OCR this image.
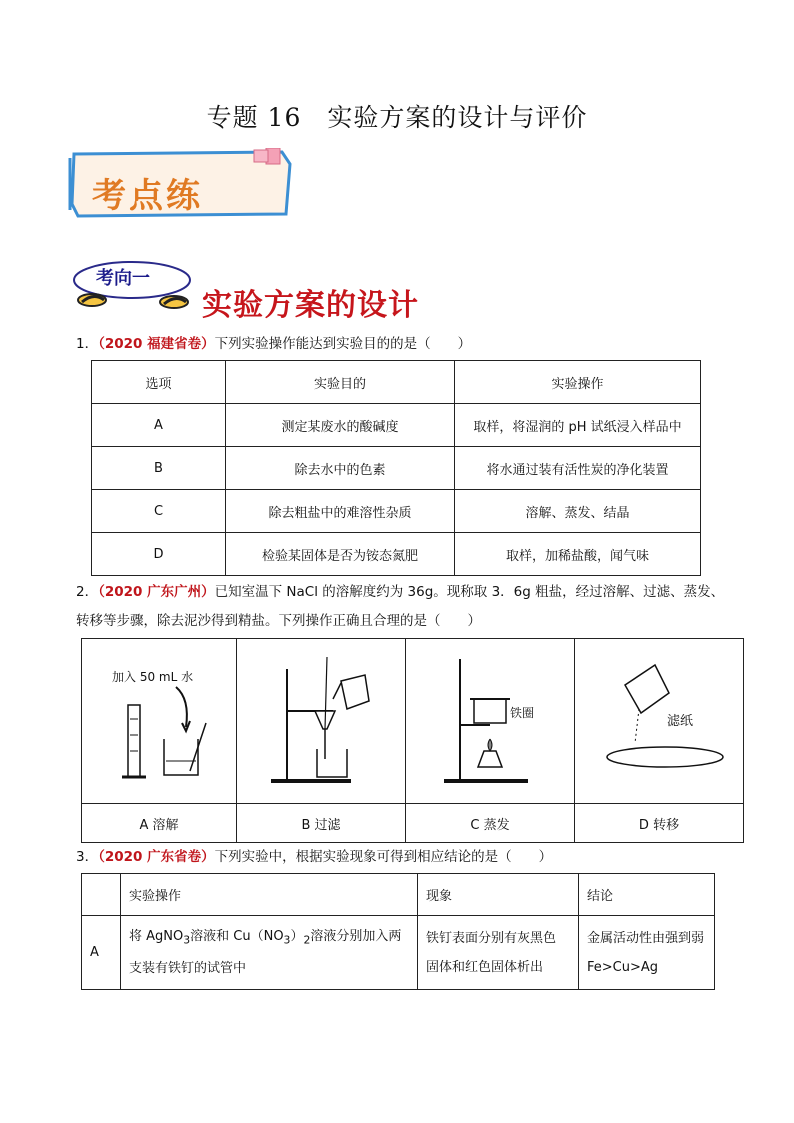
专题 16　实验方案的设计与评价
考点练
考向一
实验方案的设计
1．（2020 福建省卷）下列实验操作能达到实验目的的是（　　）
选项	实验目的	实验操作
A	测定某废水的酸碱度	取样，将湿润的 pH 试纸浸入样品中
B	除去水中的色素	将水通过装有活性炭的净化装置
C	除去粗盐中的难溶性杂质	溶解、蒸发、结晶
D	检验某固体是否为铵态氮肥	取样，加稀盐酸，闻气味
2．（2020 广东广州）已知室温下 NaCl 的溶解度约为 36g。现称取 3．6g 粗盐，经过溶解、过滤、蒸发、
转移等步骤，除去泥沙得到精盐。下列操作正确且合理的是（　　）
加入 50 mL 水		铁圈	滤纸

A 溶解	B 过滤	C 蒸发	D 转移
3．（2020 广东省卷）下列实验中，根据实验现象可得到相应结论的是（　　）
	实验操作	现象	结论
A	将 AgNO$_3$溶液和 $Cu(NO_3)_2$溶液分别加入两
支装有铁钉的试管中	铁钉表面分别有灰黑色
固体和红色固体析出	金属活动性由强到弱
Fe>Cu>Ag
